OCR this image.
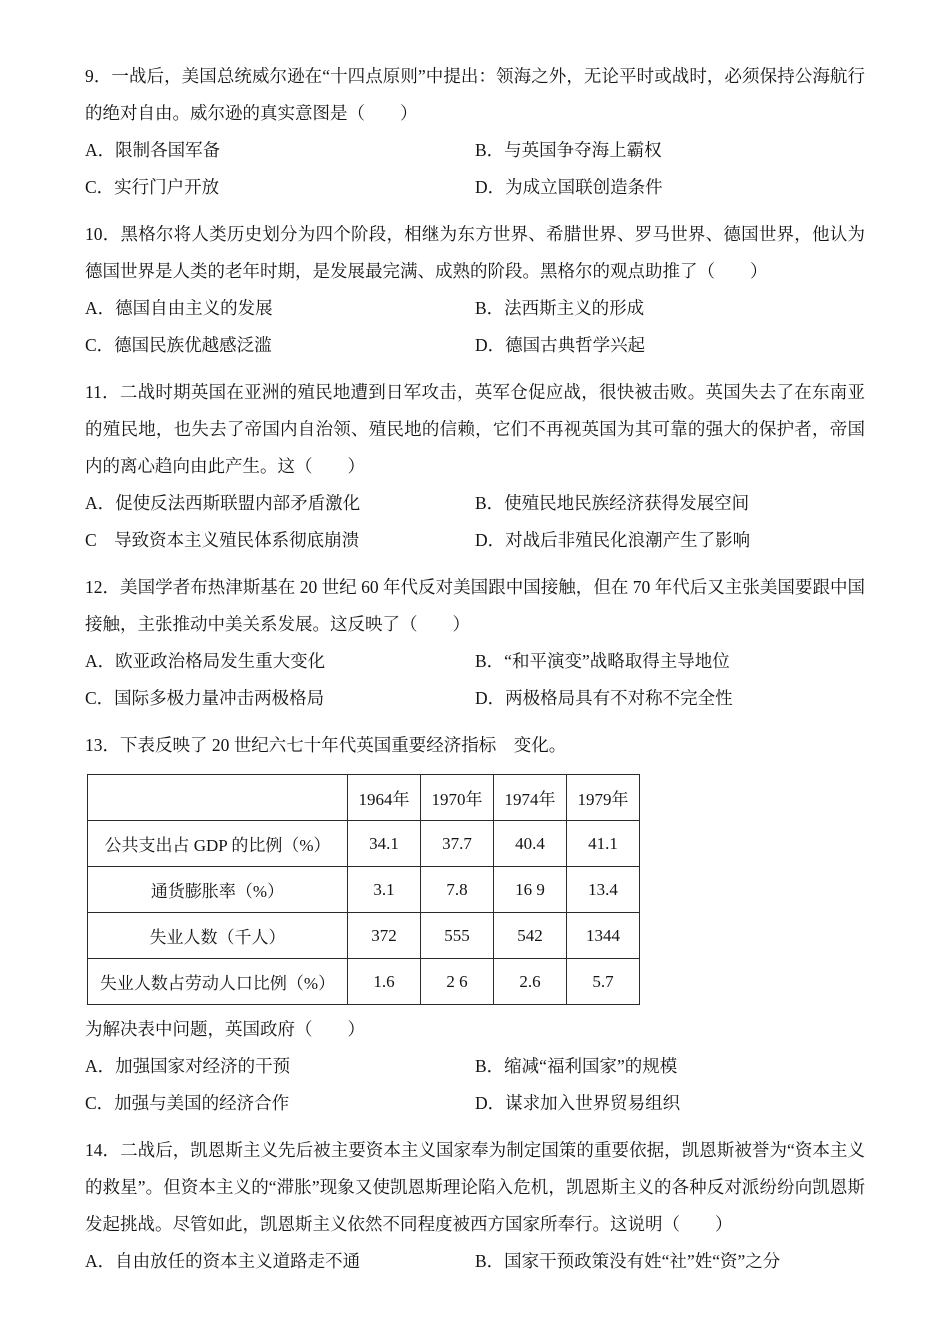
9．一战后，美国总统威尔逊在“十四点原则”中提出：领海之外，无论平时或战时，必须保持公海航行的绝对自由。威尔逊的真实意图是（　　）

A．限制各国军备	B．与英国争夺海上霸权
C．实行门户开放	D．为成立国联创造条件

10．黑格尔将人类历史划分为四个阶段，相继为东方世界、希腊世界、罗马世界、德国世界，他认为德国世界是人类的老年时期，是发展最完满、成熟的阶段。黑格尔的观点助推了（　　）

A．德国自由主义的发展	B．法西斯主义的形成
C．德国民族优越感泛滥	D．德国古典哲学兴起

11．二战时期英国在亚洲的殖民地遭到日军攻击，英军仓促应战，很快被击败。英国失去了在东南亚的殖民地，也失去了帝国内自治领、殖民地的信赖，它们不再视英国为其可靠的强大的保护者，帝国内的离心趋向由此产生。这（　　）

A．促使反法西斯联盟内部矛盾激化	B．使殖民地民族经济获得发展空间
C　导致资本主义殖民体系彻底崩溃	D．对战后非殖民化浪潮产生了影响

12．美国学者布热津斯基在 20 世纪 60 年代反对美国跟中国接触，但在 70 年代后又主张美国要跟中国接触，主张推动中美关系发展。这反映了（　　）

A．欧亚政治格局发生重大变化	B．“和平演变”战略取得主导地位
C．国际多极力量冲击两极格局	D．两极格局具有不对称不完全性

13．下表反映了 20 世纪六七十年代英国重要经济指标　变化。

	1964年	1970年	1974年	1979年
公共支出占 GDP 的比例（%）	34.1	37.7	40.4	41.1
通货膨胀率（%）	3.1	7.8	16 9	13.4
失业人数（千人）	372	555	542	1344
失业人数占劳动人口比例（%）	1.6	2 6	2.6	5.7

为解决表中问题，英国政府（　　）

A．加强国家对经济的干预	B．缩减“福利国家”的规模
C．加强与美国的经济合作	D．谋求加入世界贸易组织

14．二战后，凯恩斯主义先后被主要资本主义国家奉为制定国策的重要依据，凯恩斯被誉为“资本主义的救星”。但资本主义的“滞胀”现象又使凯恩斯理论陷入危机，凯恩斯主义的各种反对派纷纷向凯恩斯发起挑战。尽管如此，凯恩斯主义依然不同程度被西方国家所奉行。这说明（　　）

A．自由放任的资本主义道路走不通	B．国家干预政策没有姓“社”姓“资”之分
